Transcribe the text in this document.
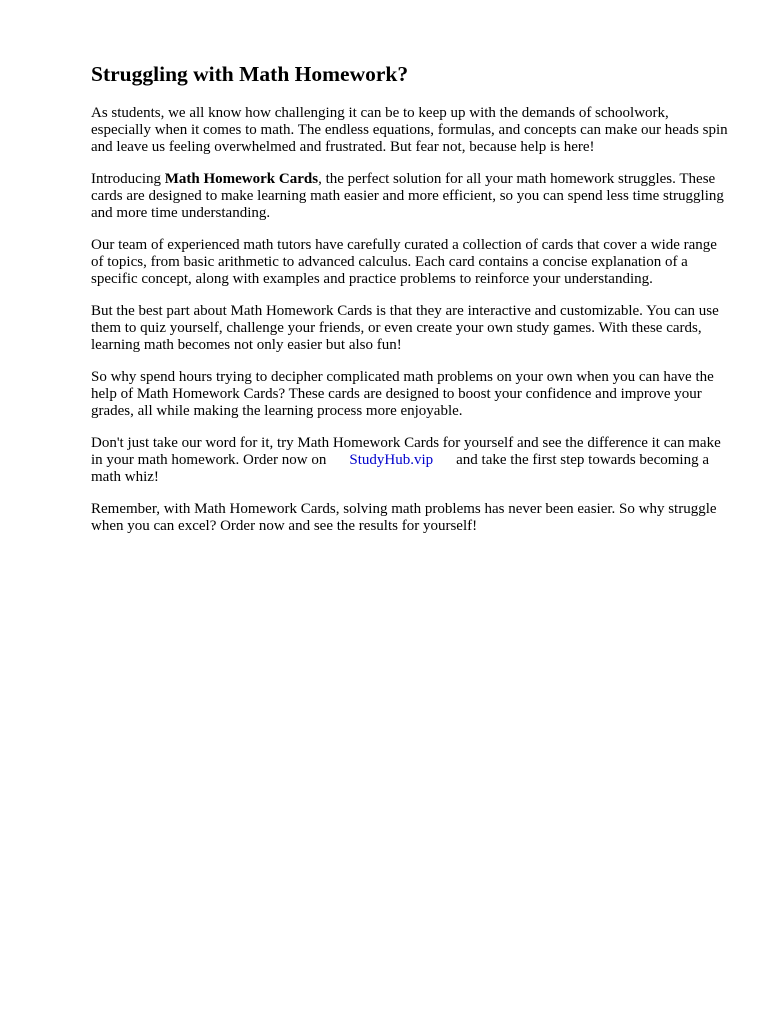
Struggling with Math Homework?

As students, we all know how challenging it can be to keep up with the demands of schoolwork, especially when it comes to math. The endless equations, formulas, and concepts can make our heads spin and leave us feeling overwhelmed and frustrated. But fear not, because help is here!

Introducing Math Homework Cards, the perfect solution for all your math homework struggles. These cards are designed to make learning math easier and more efficient, so you can spend less time struggling and more time understanding.

Our team of experienced math tutors have carefully curated a collection of cards that cover a wide range of topics, from basic arithmetic to advanced calculus. Each card contains a concise explanation of a specific concept, along with examples and practice problems to reinforce your understanding.

But the best part about Math Homework Cards is that they are interactive and customizable. You can use them to quiz yourself, challenge your friends, or even create your own study games. With these cards, learning math becomes not only easier but also fun!

So why spend hours trying to decipher complicated math problems on your own when you can have the help of Math Homework Cards? These cards are designed to boost your confidence and improve your grades, all while making the learning process more enjoyable.

Don't just take our word for it, try Math Homework Cards for yourself and see the difference it can make in your math homework. Order now on StudyHub.vip and take the first step towards becoming a math whiz!

Remember, with Math Homework Cards, solving math problems has never been easier. So why struggle when you can excel? Order now and see the results for yourself!
